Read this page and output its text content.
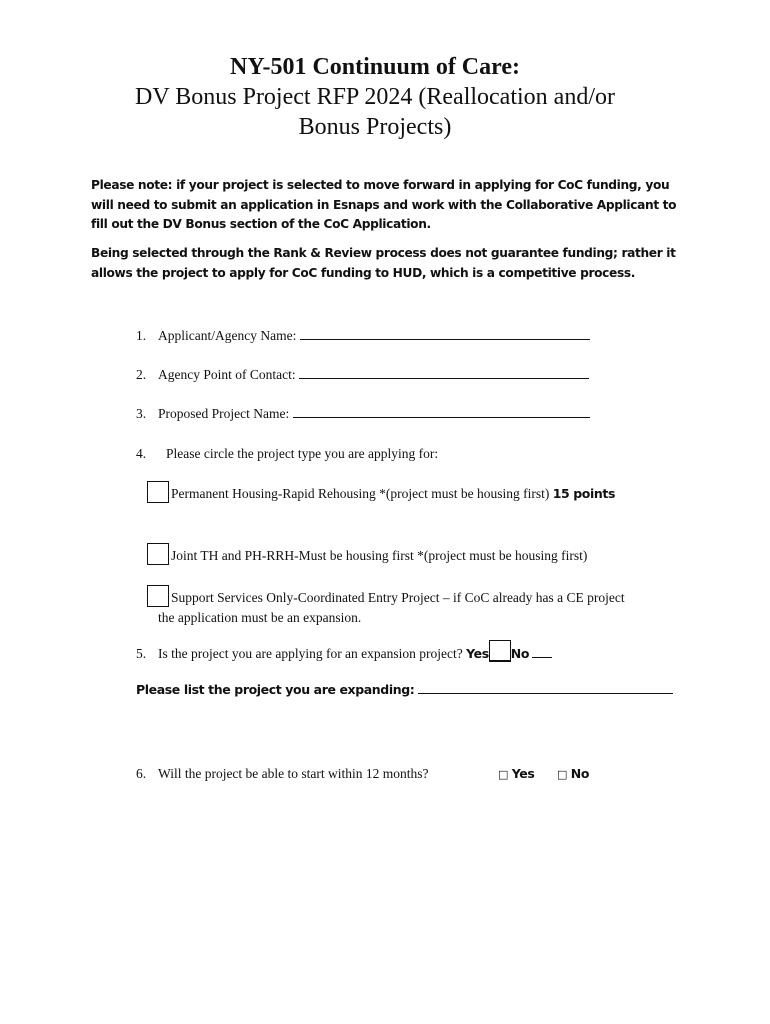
NY-501 Continuum of Care:

DV Bonus Project RFP 2024 (Reallocation and/or

Bonus Projects)

Please note: if your project is selected to move forward in applying for CoC funding, you will need to submit an application in Esnaps and work with the Collaborative Applicant to fill out the DV Bonus section of the CoC Application.

Being selected through the Rank & Review process does not guarantee funding; rather it allows the project to apply for CoC funding to HUD, which is a competitive process.

1. Applicant/Agency Name:
2. Agency Point of Contact:
3. Proposed Project Name:
4. Please circle the project type you are applying for:
Permanent Housing-Rapid Rehousing *(project must be housing first) 15 points
Joint TH and PH-RRH-Must be housing first *(project must be housing first)
Support Services Only-Coordinated Entry Project – if CoC already has a CE project
the application must be an expansion.
5. Is the project you are applying for an expansion project? Yes No
Please list the project you are expanding:
6. Will the project be able to start within 12 months?	□ Yes □ No
